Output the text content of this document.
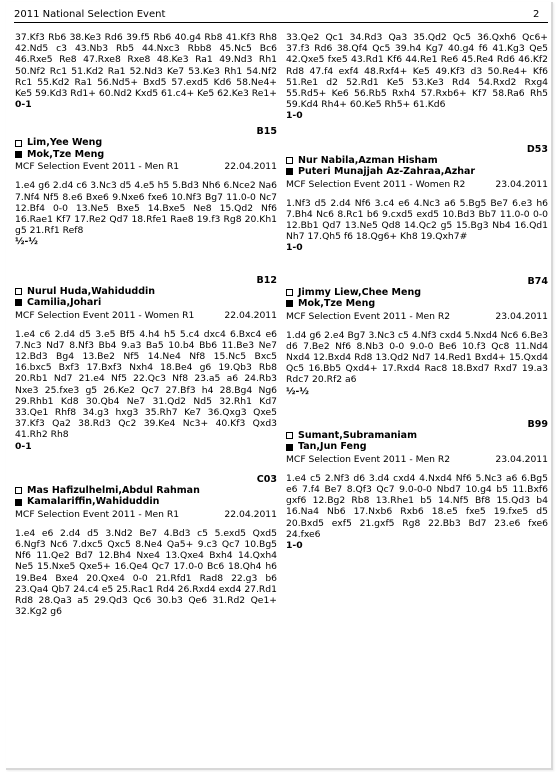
2011 National Selection Event	2

37.Kf3 Rb6 38.Ke3 Rd6 39.f5 Rb6 40.g4 Rb8 41.Kf3 Rh8 42.Nd5 c3 43.Nb3 Rb5 44.Nxc3 Rbb8 45.Nc5 Bc6 46.Rxe5 Re8 47.Rxe8 Rxe8 48.Ke3 Ra1 49.Nd3 Rh1 50.Nf2 Rc1 51.Kd2 Ra1 52.Nd3 Ke7 53.Ke3 Rh1 54.Nf2 Rc1 55.Kd2 Ra1 56.Nd5+ Bxd5 57.exd5 Kd6 58.Ne4+ Ke5 59.Kd3 Rd1+ 60.Nd2 Kxd5 61.c4+ Ke5 62.Ke3 Re1+

0-1

B15
Lim,Yee Weng
Mok,Tze Meng
MCF Selection Event 2011 - Men R1	22.04.2011

1.e4 g6 2.d4 c6 3.Nc3 d5 4.e5 h5 5.Bd3 Nh6 6.Nce2 Na6 7.Nf4 Nf5 8.e6 Bxe6 9.Nxe6 fxe6 10.Nf3 Bg7 11.0-0 Nc7 12.Bf4 0-0 13.Ne5 Bxe5 14.Bxe5 Ne8 15.Qd2 Nf6 16.Rae1 Kf7 17.Re2 Qd7 18.Rfe1 Rae8 19.f3 Rg8 20.Kh1 g5 21.Rf1 Ref8

½-½

B12
Nurul Huda,Wahiduddin
Camilia,Johari
MCF Selection Event 2011 - Women R1	22.04.2011

1.e4 c6 2.d4 d5 3.e5 Bf5 4.h4 h5 5.c4 dxc4 6.Bxc4 e6 7.Nc3 Nd7 8.Nf3 Bb4 9.a3 Ba5 10.b4 Bb6 11.Be3 Ne7 12.Bd3 Bg4 13.Be2 Nf5 14.Ne4 Nf8 15.Nc5 Bxc5 16.bxc5 Bxf3 17.Bxf3 Nxh4 18.Be4 g6 19.Qb3 Rb8 20.Rb1 Nd7 21.e4 Nf5 22.Qc3 Nf8 23.a5 a6 24.Rb3 Nxe3 25.fxe3 g5 26.Ke2 Qc7 27.Bf3 h4 28.Bg4 Ng6 29.Rhb1 Kd8 30.Qb4 Ne7 31.Qd2 Nd5 32.Rh1 Kd7 33.Qe1 Rhf8 34.g3 hxg3 35.Rh7 Ke7 36.Qxg3 Qxe5 37.Kf3 Qa2 38.Rd3 Qc2 39.Ke4 Nc3+ 40.Kf3 Qxd3 41.Rh2 Rh8

0-1

C03
Mas Hafizulhelmi,Abdul Rahman
Kamalariffin,Wahiduddin
MCF Selection Event 2011 - Men R1	22.04.2011

1.e4 e6 2.d4 d5 3.Nd2 Be7 4.Bd3 c5 5.exd5 Qxd5 6.Ngf3 Nc6 7.dxc5 Qxc5 8.Ne4 Qa5+ 9.c3 Qc7 10.Bg5 Nf6 11.Qe2 Bd7 12.Bh4 Nxe4 13.Qxe4 Bxh4 14.Qxh4 Ne5 15.Nxe5 Qxe5+ 16.Qe4 Qc7 17.0-0 Bc6 18.Qh4 h6 19.Be4 Bxe4 20.Qxe4 0-0 21.Rfd1 Rad8 22.g3 b6 23.Qa4 Qb7 24.c4 e5 25.Rac1 Rd4 26.Rxd4 exd4 27.Rd1 Rd8 28.Qa3 a5 29.Qd3 Qc6 30.b3 Qe6 31.Rd2 Qe1+ 32.Kg2 g6

33.Qe2 Qc1 34.Rd3 Qa3 35.Qd2 Qc5 36.Qxh6 Qc6+ 37.f3 Rd6 38.Qf4 Qc5 39.h4 Kg7 40.g4 f6 41.Kg3 Qe5 42.Qxe5 fxe5 43.Rd1 Kf6 44.Re1 Re6 45.Re4 Rd6 46.Kf2 Rd8 47.f4 exf4 48.Rxf4+ Ke5 49.Kf3 d3 50.Re4+ Kf6 51.Re1 d2 52.Rd1 Ke5 53.Ke3 Rd4 54.Rxd2 Rxg4 55.Rd5+ Ke6 56.Rb5 Rxh4 57.Rxb6+ Kf7 58.Ra6 Rh5 59.Kd4 Rh4+ 60.Ke5 Rh5+ 61.Kd6

1-0

D53
Nur Nabila,Azman Hisham
Puteri Munajjah Az-Zahraa,Azhar
MCF Selection Event 2011 - Women R2	23.04.2011

1.Nf3 d5 2.d4 Nf6 3.c4 e6 4.Nc3 a6 5.Bg5 Be7 6.e3 h6 7.Bh4 Nc6 8.Rc1 b6 9.cxd5 exd5 10.Bd3 Bb7 11.0-0 0-0 12.Bb1 Qd7 13.Ne5 Qd8 14.Qc2 g5 15.Bg3 Nb4 16.Qd1 Nh7 17.Qh5 f6 18.Qg6+ Kh8 19.Qxh7#

1-0

B74
Jimmy Liew,Chee Meng
Mok,Tze Meng
MCF Selection Event 2011 - Men R2	23.04.2011

1.d4 g6 2.e4 Bg7 3.Nc3 c5 4.Nf3 cxd4 5.Nxd4 Nc6 6.Be3 d6 7.Be2 Nf6 8.Nb3 0-0 9.0-0 Be6 10.f3 Qc8 11.Nd4 Nxd4 12.Bxd4 Rd8 13.Qd2 Nd7 14.Red1 Bxd4+ 15.Qxd4 Qc5 16.Bb5 Qxd4+ 17.Rxd4 Rac8 18.Bxd7 Rxd7 19.a3 Rdc7 20.Rf2 a6

½-½

B99
Sumant,Subramaniam
Tan,Jun Feng
MCF Selection Event 2011 - Men R2	23.04.2011

1.e4 c5 2.Nf3 d6 3.d4 cxd4 4.Nxd4 Nf6 5.Nc3 a6 6.Bg5 e6 7.f4 Be7 8.Qf3 Qc7 9.0-0-0 Nbd7 10.g4 b5 11.Bxf6 gxf6 12.Bg2 Rb8 13.Rhe1 b5 14.Nf5 Bf8 15.Qd3 b4 16.Na4 Nb6 17.Nxb6 Rxb6 18.e5 fxe5 19.fxe5 d5 20.Bxd5 exf5 21.gxf5 Rg8 22.Bb3 Bd7 23.e6 fxe6 24.fxe6

1-0
